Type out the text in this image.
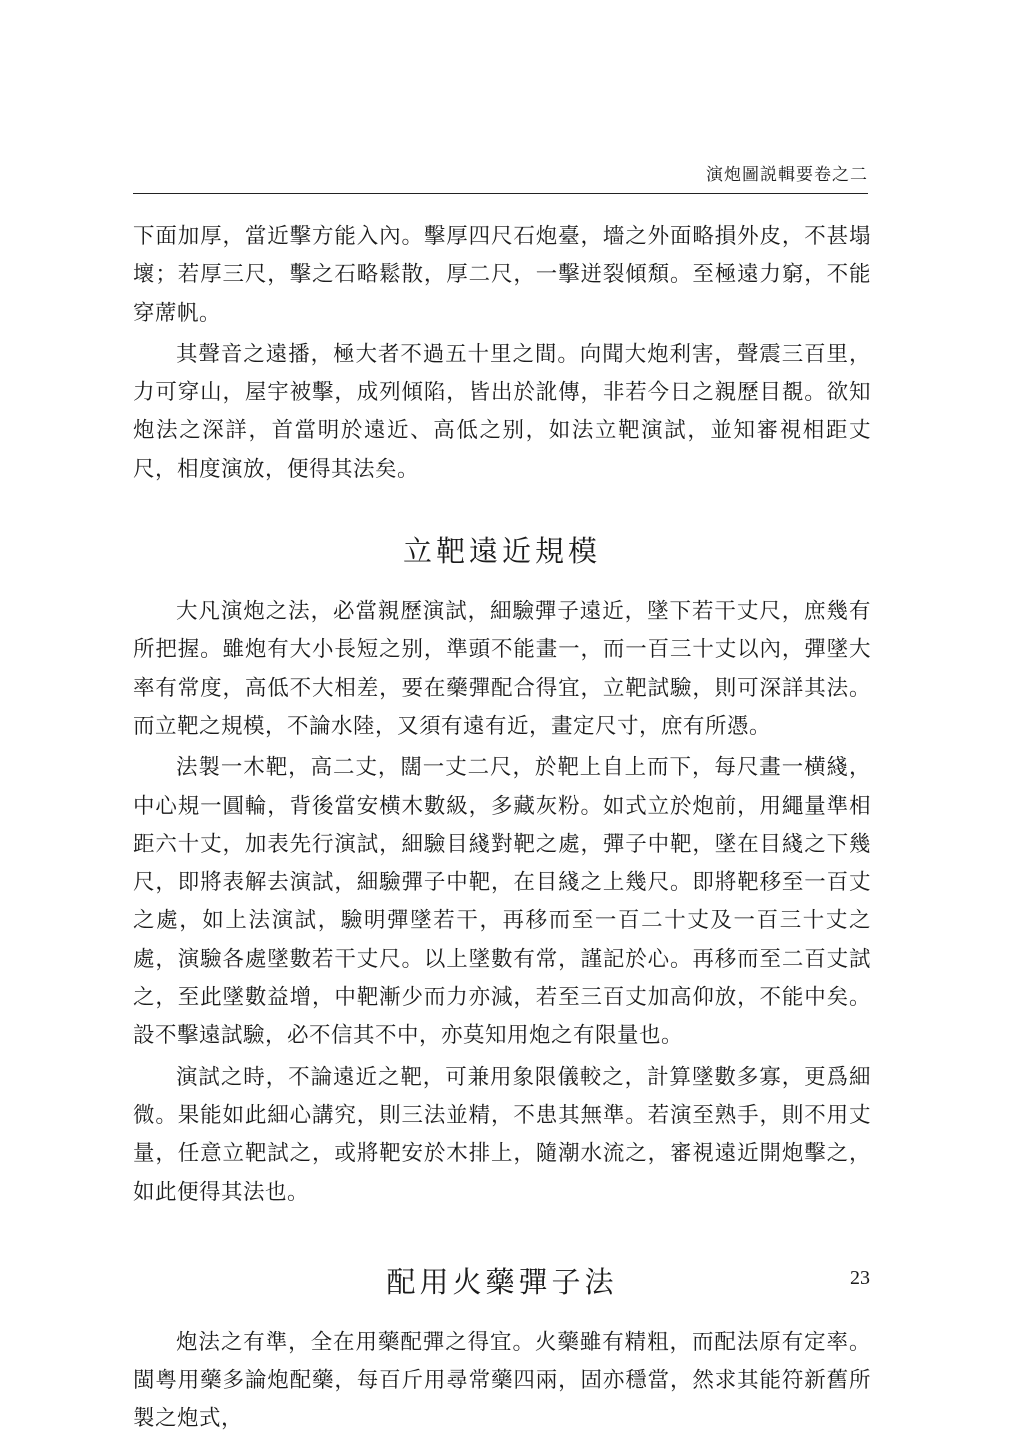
演炮圖説輯要卷之二

下面加厚，當近擊方能入內。擊厚四尺石炮臺，墻之外面略損外皮，不甚塌壞；若厚三尺，擊之石略鬆散，厚二尺，一擊迸裂傾頽。至極遠力窮，不能穿蓆帆。

其聲音之遠播，極大者不過五十里之間。向聞大炮利害，聲震三百里，力可穿山，屋宇被擊，成列傾陷，皆出於訛傳，非若今日之親歷目覩。欲知炮法之深詳，首當明於遠近、高低之别，如法立靶演試，並知審視相距丈尺，相度演放，便得其法矣。

立靶遠近規模

大凡演炮之法，必當親歷演試，細驗彈子遠近，墜下若干丈尺，庶幾有所把握。雖炮有大小長短之别，準頭不能畫一，而一百三十丈以內，彈墜大率有常度，高低不大相差，要在藥彈配合得宜，立靶試驗，則可深詳其法。而立靶之規模，不論水陸，又須有遠有近，畫定尺寸，庶有所憑。

法製一木靶，高二丈，闊一丈二尺，於靶上自上而下，每尺畫一横綫，中心規一圓輪，背後當安横木數級，多藏灰粉。如式立於炮前，用繩量準相距六十丈，加表先行演試，細驗目綫對靶之處，彈子中靶，墜在目綫之下幾尺，即將表解去演試，細驗彈子中靶，在目綫之上幾尺。即將靶移至一百丈之處，如上法演試，驗明彈墜若干，再移而至一百二十丈及一百三十丈之處，演驗各處墜數若干丈尺。以上墜數有常，謹記於心。再移而至二百丈試之，至此墜數益增，中靶漸少而力亦減，若至三百丈加高仰放，不能中矣。設不擊遠試驗，必不信其不中，亦莫知用炮之有限量也。

演試之時，不論遠近之靶，可兼用象限儀較之，計算墜數多寡，更爲細微。果能如此細心講究，則三法並精，不患其無準。若演至熟手，則不用丈量，任意立靶試之，或將靶安於木排上，隨潮水流之，審視遠近開炮擊之，如此便得其法也。

配用火藥彈子法

炮法之有準，全在用藥配彈之得宜。火藥雖有精粗，而配法原有定率。閩粤用藥多論炮配藥，每百斤用尋常藥四兩，固亦穩當，然求其能符新舊所製之炮式，

23
